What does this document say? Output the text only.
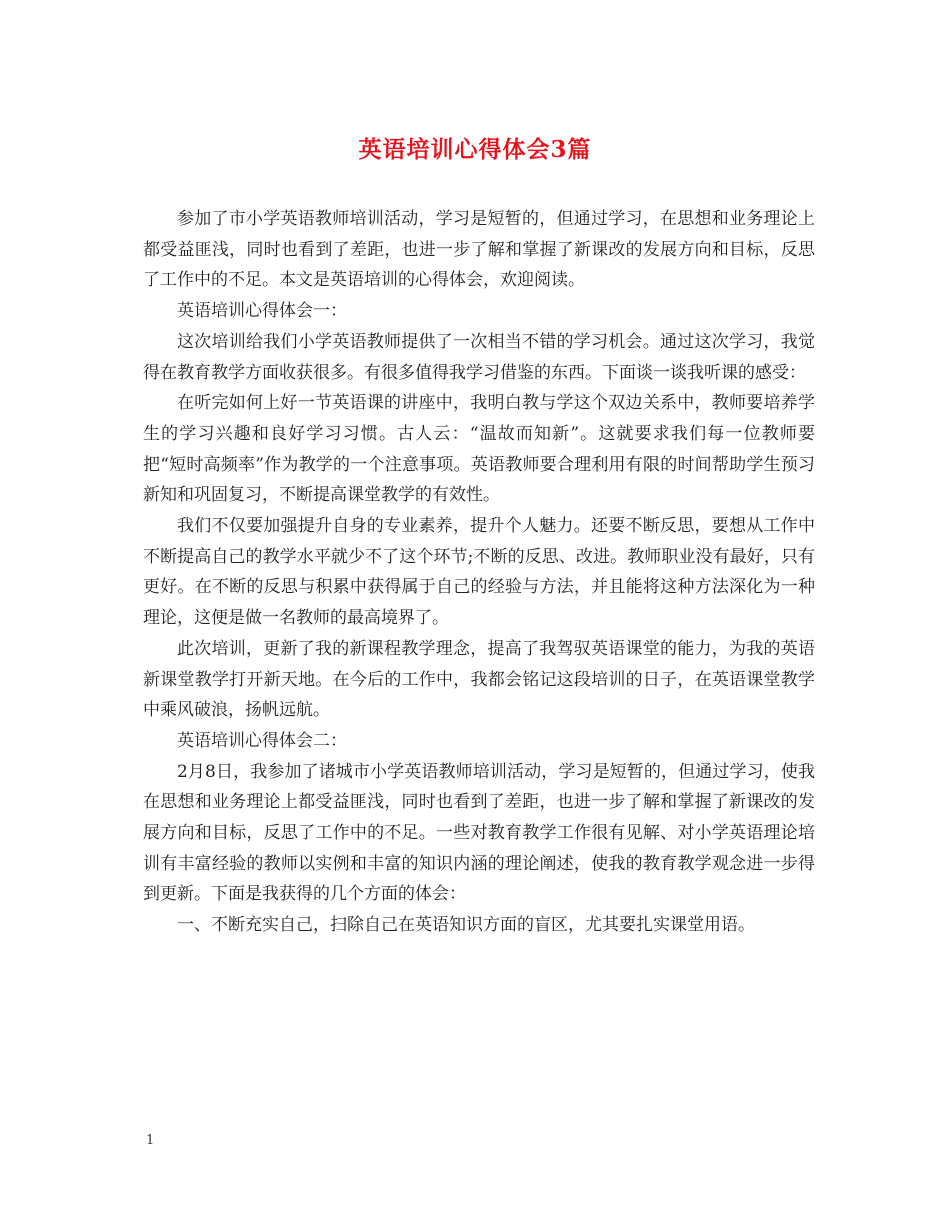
英语培训心得体会3篇

参加了市小学英语教师培训活动，学习是短暂的，但通过学习，在思想和业务理论上都受益匪浅，同时也看到了差距，也进一步了解和掌握了新课改的发展方向和目标，反思了工作中的不足。本文是英语培训的心得体会，欢迎阅读。

英语培训心得体会一：

这次培训给我们小学英语教师提供了一次相当不错的学习机会。通过这次学习，我觉得在教育教学方面收获很多。有很多值得我学习借鉴的东西。下面谈一谈我听课的感受：

在听完如何上好一节英语课的讲座中，我明白教与学这个双边关系中，教师要培养学生的学习兴趣和良好学习习惯。古人云：“温故而知新”。这就要求我们每一位教师要把“短时高频率”作为教学的一个注意事项。英语教师要合理利用有限的时间帮助学生预习新知和巩固复习，不断提高课堂教学的有效性。

我们不仅要加强提升自身的专业素养，提升个人魅力。还要不断反思，要想从工作中不断提高自己的教学水平就少不了这个环节;不断的反思、改进。教师职业没有最好，只有更好。在不断的反思与积累中获得属于自己的经验与方法，并且能将这种方法深化为一种理论，这便是做一名教师的最高境界了。

此次培训，更新了我的新课程教学理念，提高了我驾驭英语课堂的能力，为我的英语新课堂教学打开新天地。在今后的工作中，我都会铭记这段培训的日子，在英语课堂教学中乘风破浪，扬帆远航。

英语培训心得体会二：

2月8日，我参加了诸城市小学英语教师培训活动，学习是短暂的，但通过学习，使我在思想和业务理论上都受益匪浅，同时也看到了差距，也进一步了解和掌握了新课改的发展方向和目标，反思了工作中的不足。一些对教育教学工作很有见解、对小学英语理论培训有丰富经验的教师以实例和丰富的知识内涵的理论阐述，使我的教育教学观念进一步得到更新。下面是我获得的几个方面的体会：

一、不断充实自己，扫除自己在英语知识方面的盲区，尤其要扎实课堂用语。

1
